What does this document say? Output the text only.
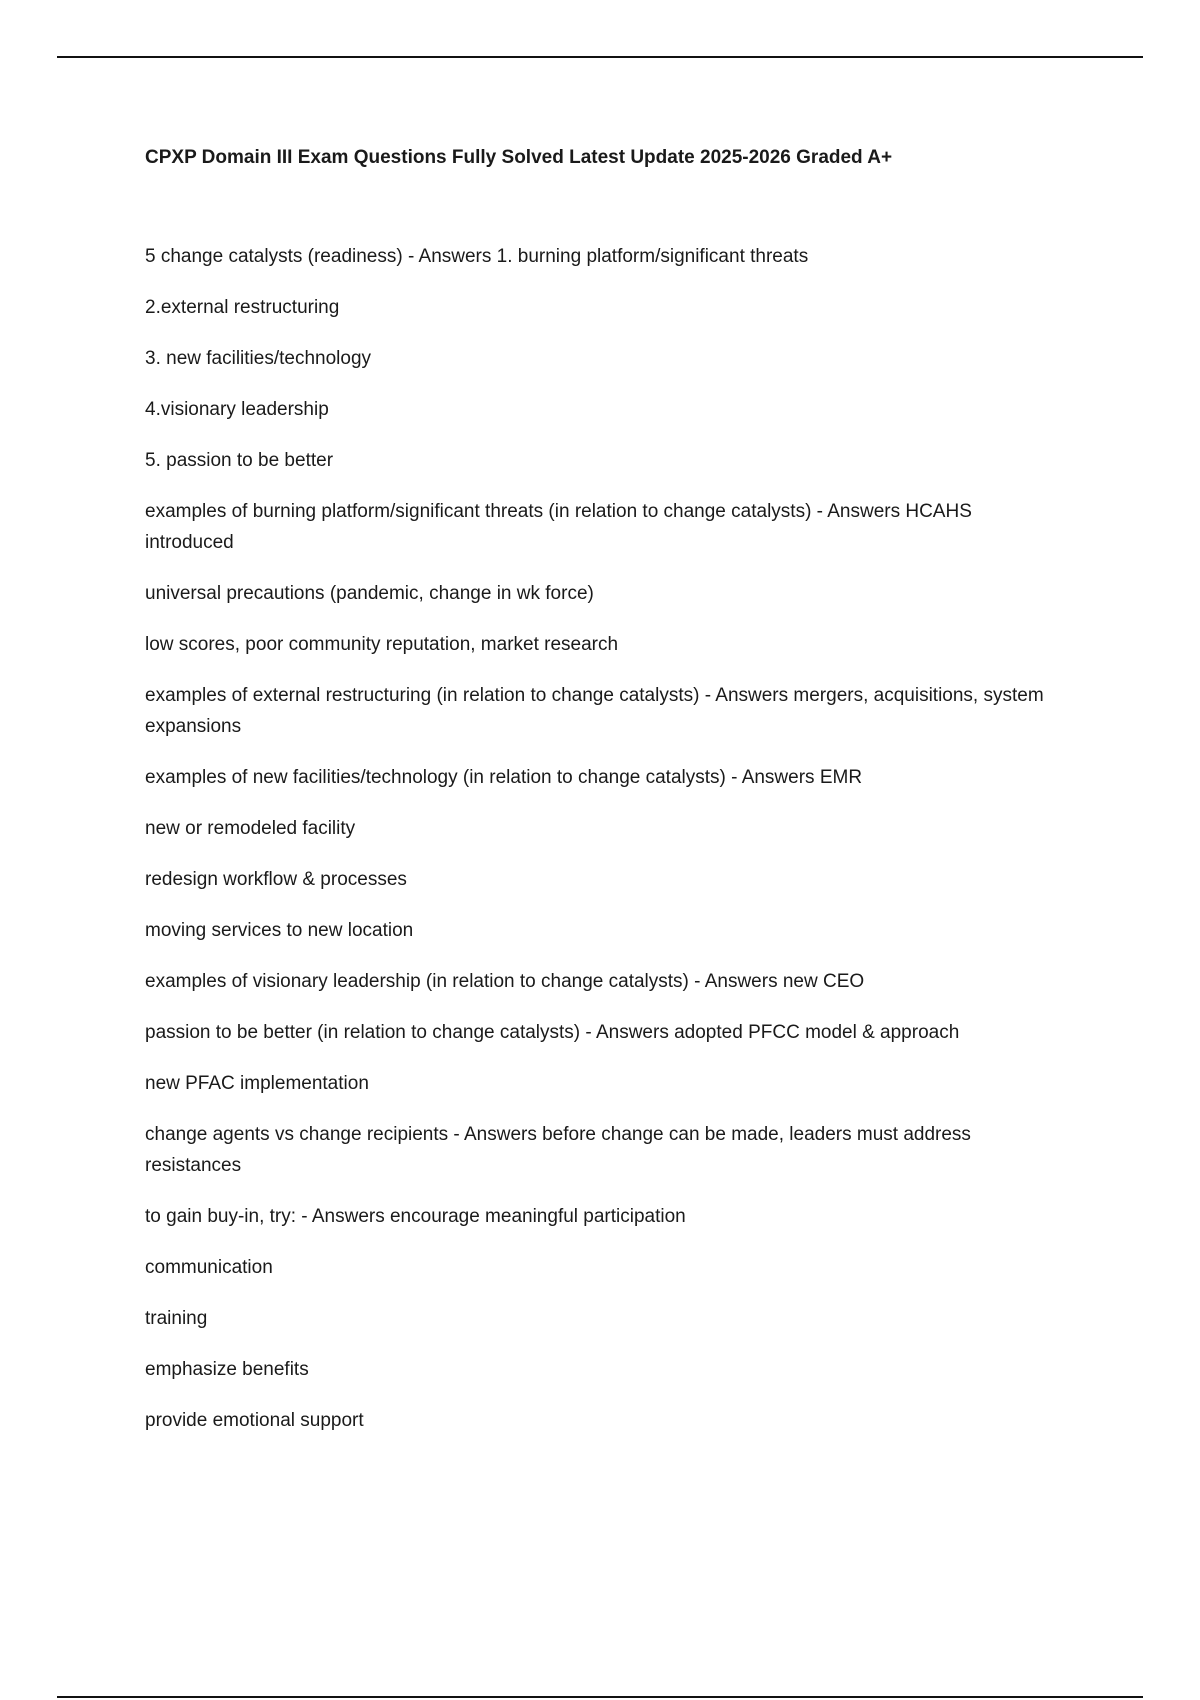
CPXP Domain III Exam Questions Fully Solved Latest Update 2025-2026 Graded A+
5 change catalysts (readiness) - Answers 1. burning platform/significant threats
2.external restructuring
3. new facilities/technology
4.visionary leadership
5. passion to be better
examples of burning platform/significant threats (in relation to change catalysts) - Answers HCAHS introduced
universal precautions (pandemic, change in wk force)
low scores, poor community reputation, market research
examples of external restructuring (in relation to change catalysts) - Answers mergers, acquisitions, system expansions
examples of new facilities/technology (in relation to change catalysts) - Answers EMR
new or remodeled facility
redesign workflow & processes
moving services to new location
examples of visionary leadership (in relation to change catalysts) - Answers new CEO
passion to be better (in relation to change catalysts) - Answers adopted PFCC model & approach
new PFAC implementation
change agents vs change recipients - Answers before change can be made, leaders must address resistances
to gain buy-in, try: - Answers encourage meaningful participation
communication
training
emphasize benefits
provide emotional support
